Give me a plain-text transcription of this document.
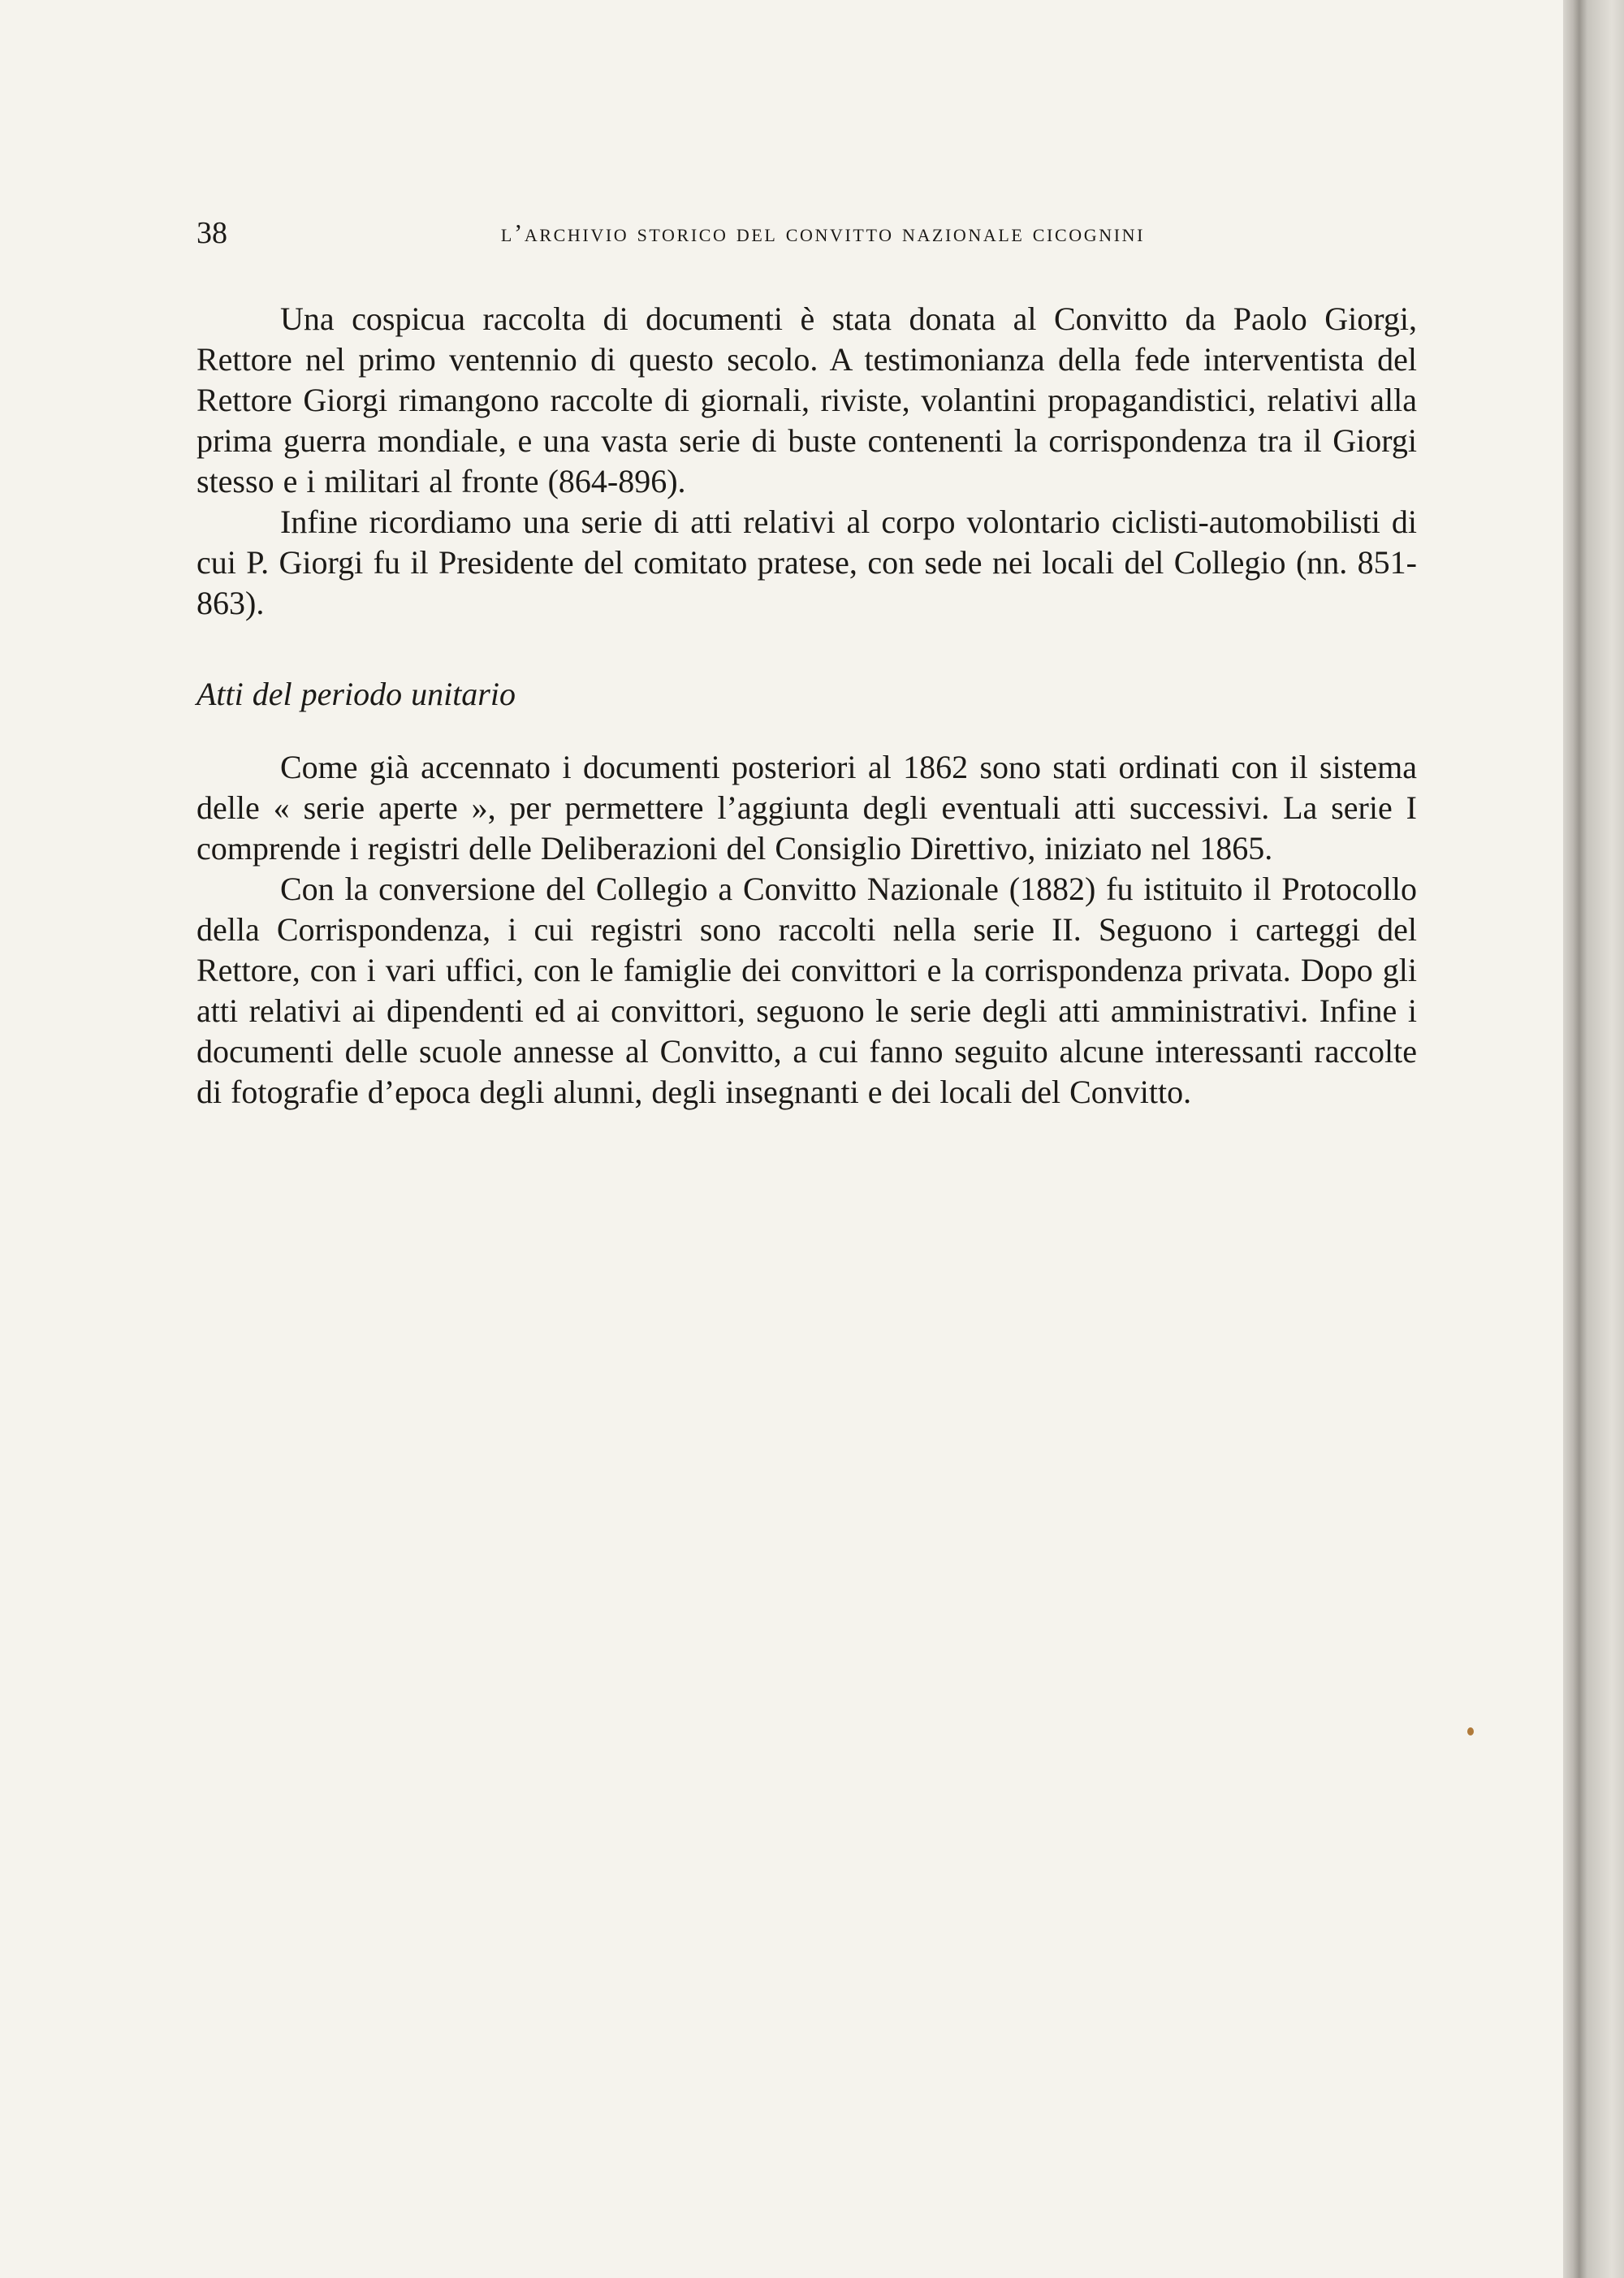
38	l’archivio storico del convitto nazionale cicognini

Una cospicua raccolta di documenti è stata donata al Convitto da Paolo Giorgi, Rettore nel primo ventennio di questo secolo. A testimonianza della fede interventista del Rettore Giorgi rimangono raccolte di giornali, riviste, volantini propagandistici, relativi alla prima guerra mondiale, e una vasta serie di buste contenenti la corrispondenza tra il Giorgi stesso e i militari al fronte (864-896).

Infine ricordiamo una serie di atti relativi al corpo volontario ciclisti-automobilisti di cui P. Giorgi fu il Presidente del comitato pratese, con sede nei locali del Collegio (nn. 851-863).

Atti del periodo unitario

Come già accennato i documenti posteriori al 1862 sono stati ordinati con il sistema delle « serie aperte », per permettere l’aggiunta degli eventuali atti successivi. La serie I comprende i registri delle Deliberazioni del Consiglio Direttivo, iniziato nel 1865.

Con la conversione del Collegio a Convitto Nazionale (1882) fu istituito il Protocollo della Corrispondenza, i cui registri sono raccolti nella serie II. Seguono i carteggi del Rettore, con i vari uffici, con le famiglie dei convittori e la corrispondenza privata. Dopo gli atti relativi ai dipendenti ed ai convittori, seguono le serie degli atti amministrativi. Infine i documenti delle scuole annesse al Convitto, a cui fanno seguito alcune interessanti raccolte di fotografie d’epoca degli alunni, degli insegnanti e dei locali del Convitto.
